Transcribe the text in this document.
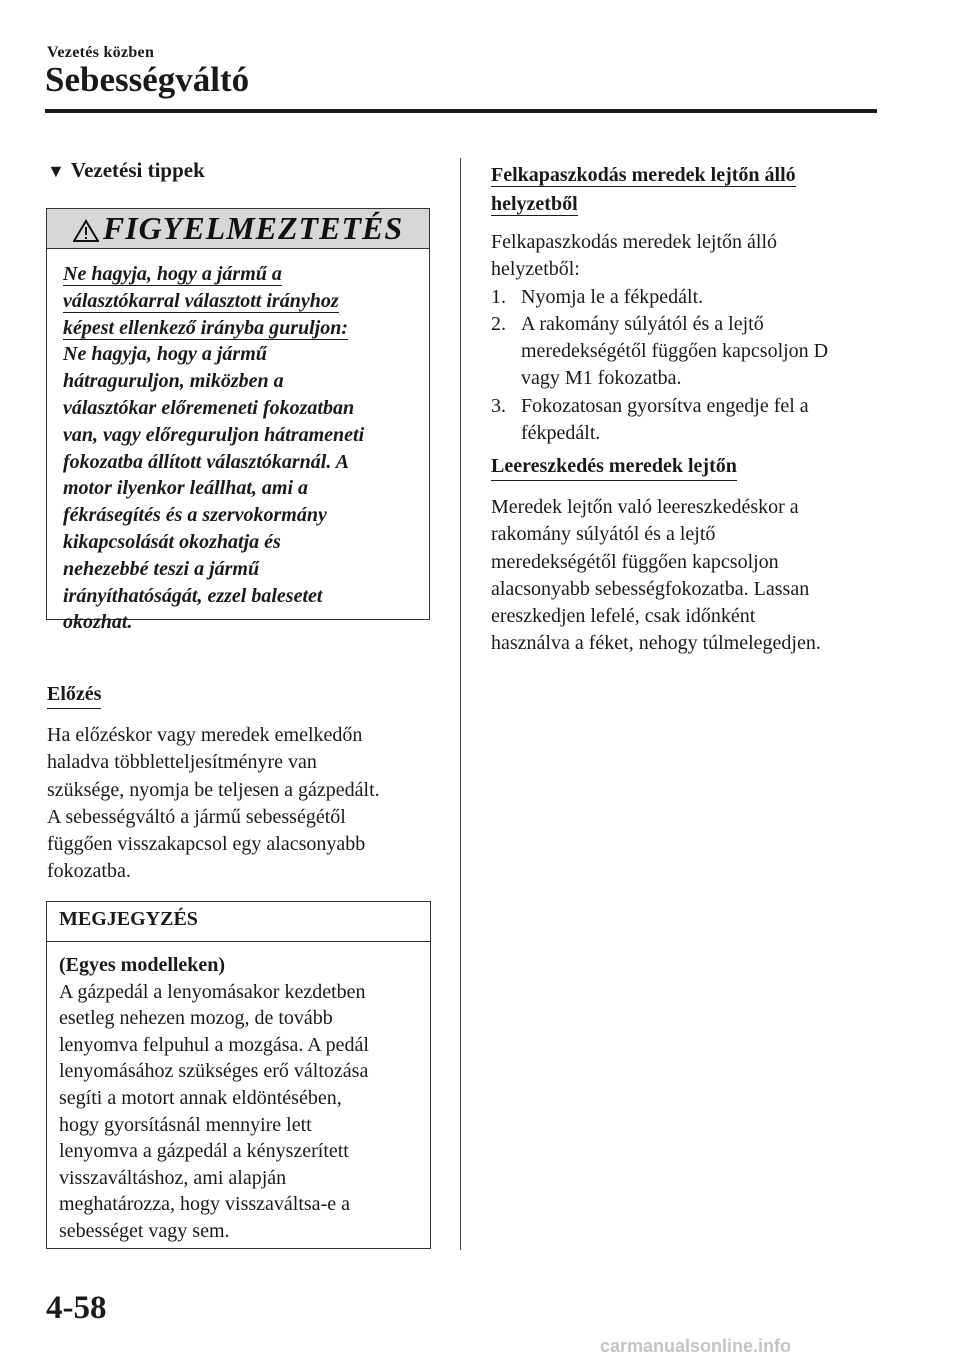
Vezetés közben
Sebességváltó
▼ Vezetési tippek
FIGYELMEZTETÉS
Ne hagyja, hogy a jármű a
választókarral választott irányhoz
képest ellenkező irányba guruljon:
Ne hagyja, hogy a jármű
hátraguruljon, miközben a
választókar előremeneti fokozatban
van, vagy előreguruljon hátrameneti
fokozatba állított választókarnál. A
motor ilyenkor leállhat, ami a
fékrásegítés és a szervokormány
kikapcsolását okozhatja és
nehezebbé teszi a jármű
irányíthatóságát, ezzel balesetet
okozhat.
Előzés
Ha előzéskor vagy meredek emelkedőn
haladva többletteljesítményre van
szüksége, nyomja be teljesen a gázpedált.
A sebességváltó a jármű sebességétől
függően visszakapcsol egy alacsonyabb
fokozatba.
MEGJEGYZÉS
(Egyes modelleken)
A gázpedál a lenyomásakor kezdetben
esetleg nehezen mozog, de tovább
lenyomva felpuhul a mozgása. A pedál
lenyomásához szükséges erő változása
segíti a motort annak eldöntésében,
hogy gyorsításnál mennyire lett
lenyomva a gázpedál a kényszerített
visszaváltáshoz, ami alapján
meghatározza, hogy visszaváltsa-e a
sebességet vagy sem.
Felkapaszkodás meredek lejtőn álló
helyzetből
Felkapaszkodás meredek lejtőn álló
helyzetből:
1. Nyomja le a fékpedált.
2. A rakomány súlyától és a lejtő
meredekségétől függően kapcsoljon D
vagy M1 fokozatba.
3. Fokozatosan gyorsítva engedje fel a
fékpedált.
Leereszkedés meredek lejtőn
Meredek lejtőn való leereszkedéskor a
rakomány súlyától és a lejtő
meredekségétől függően kapcsoljon
alacsonyabb sebességfokozatba. Lassan
ereszkedjen lefelé, csak időnként
használva a féket, nehogy túlmelegedjen.
4-58
carmanualsonline.info
